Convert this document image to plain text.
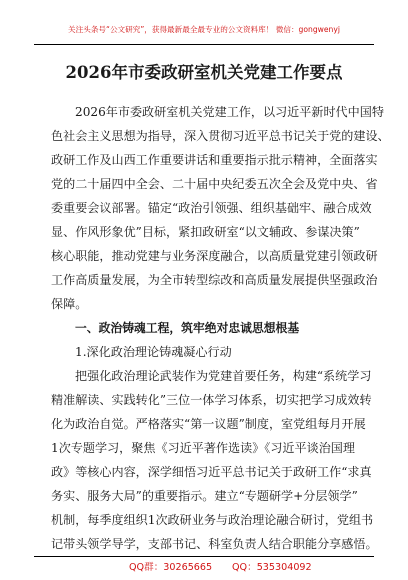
关注头条号“公文研究”，获得最新最全最专业的公文资料库！ 微信：gongwenyj
2026年市委政研室机关党建工作要点
2026年市委政研室机关党建工作，以习近平新时代中国特
色社会主义思想为指导，深入贯彻习近平总书记关于党的建设、
政研工作及山西工作重要讲话和重要指示批示精神，全面落实
党的二十届四中全会、二十届中央纪委五次全会及党中央、省
委重要会议部署。锚定“政治引领强、组织基础牢、融合成效
显、作风形象优”目标，紧扣政研室“以文辅政、参谋决策”
核心职能，推动党建与业务深度融合，以高质量党建引领政研
工作高质量发展，为全市转型综改和高质量发展提供坚强政治
保障。
一、政治铸魂工程，筑牢绝对忠诚思想根基
1.深化政治理论铸魂凝心行动
把强化政治理论武装作为党建首要任务，构建“系统学习
精准解读、实践转化”三位一体学习体系，切实把学习成效转
化为政治自觉。严格落实“第一议题”制度，室党组每月开展
1次专题学习，聚焦《习近平著作选读》《习近平谈治国理
政》等核心内容，深学细悟习近平总书记关于政研工作“求真
务实、服务大局”的重要指示。建立“专题研学+分层领学”
机制，每季度组织1次政研业务与政治理论融合研讨，党组书
记带头领学导学，支部书记、科室负责人结合职能分享感悟。
QQ群：30265665 QQ：535304092
